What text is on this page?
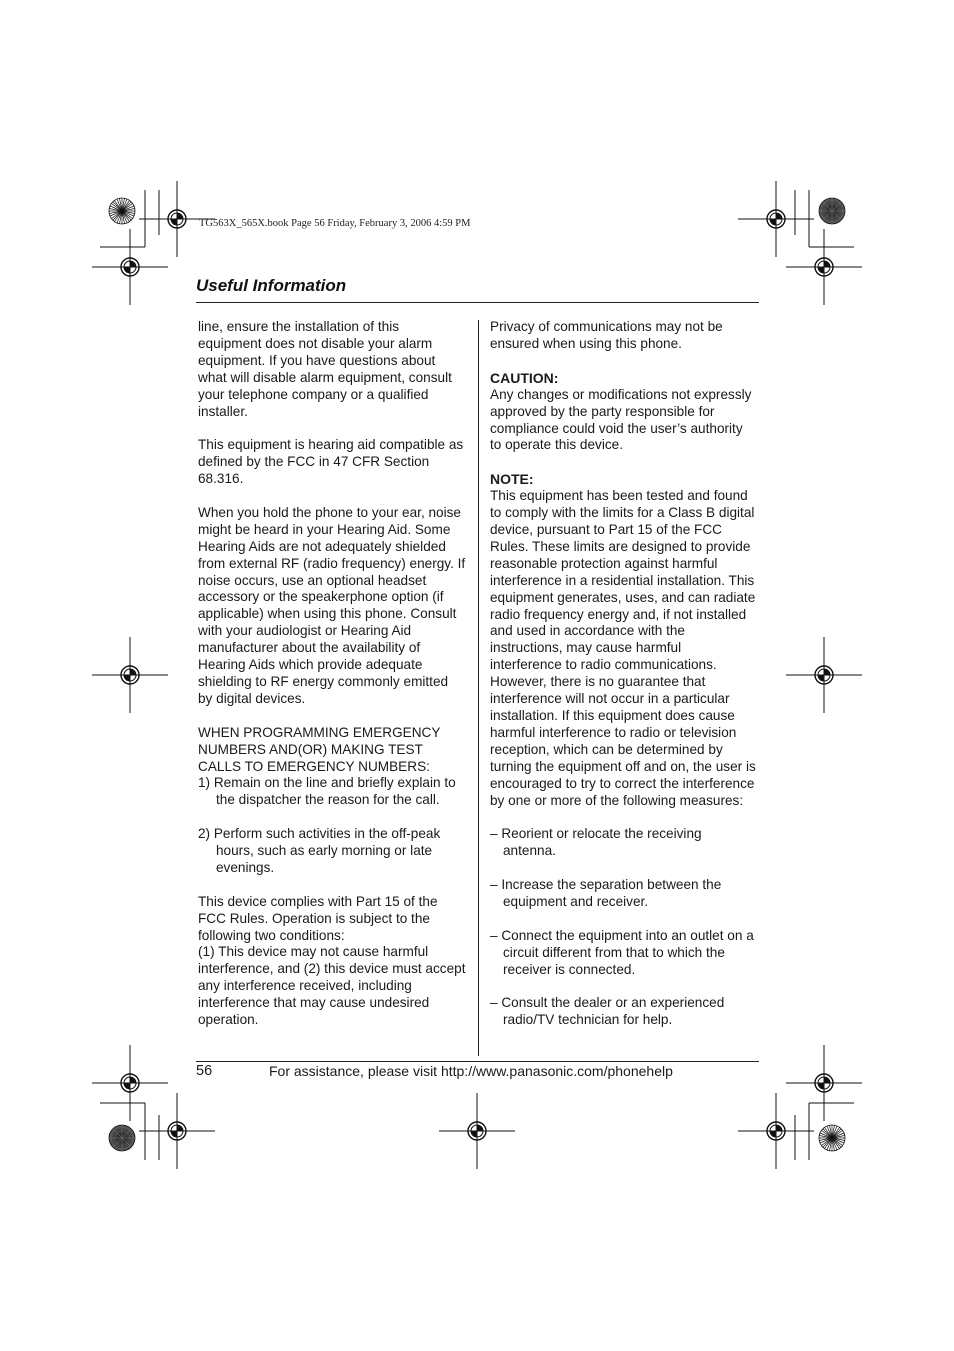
TG563X_565X.book Page 56 Friday, February 3, 2006 4:59 PM
Useful Information

line, ensure the installation of this equipment does not disable your alarm equipment. If you have questions about what will disable alarm equipment, consult your telephone company or a qualified installer.

This equipment is hearing aid compatible as defined by the FCC in 47 CFR Section 68.316.

When you hold the phone to your ear, noise might be heard in your Hearing Aid. Some Hearing Aids are not adequately shielded from external RF (radio frequency) energy. If noise occurs, use an optional headset accessory or the speakerphone option (if applicable) when using this phone. Consult with your audiologist or Hearing Aid manufacturer about the availability of Hearing Aids which provide adequate shielding to RF energy commonly emitted by digital devices.

WHEN PROGRAMMING EMERGENCY NUMBERS AND(OR) MAKING TEST CALLS TO EMERGENCY NUMBERS:

1) Remain on the line and briefly explain to the dispatcher the reason for the call.

2) Perform such activities in the off-peak hours, such as early morning or late evenings.

This device complies with Part 15 of the FCC Rules. Operation is subject to the following two conditions:

(1) This device may not cause harmful interference, and (2) this device must accept any interference received, including interference that may cause undesired operation.

Privacy of communications may not be ensured when using this phone.

CAUTION:

Any changes or modifications not expressly approved by the party responsible for compliance could void the user’s authority to operate this device.

NOTE:

This equipment has been tested and found to comply with the limits for a Class B digital device, pursuant to Part 15 of the FCC Rules. These limits are designed to provide reasonable protection against harmful interference in a residential installation. This equipment generates, uses, and can radiate radio frequency energy and, if not installed and used in accordance with the instructions, may cause harmful interference to radio communications. However, there is no guarantee that interference will not occur in a particular installation. If this equipment does cause harmful interference to radio or television reception, which can be determined by turning the equipment off and on, the user is encouraged to try to correct the interference by one or more of the following measures:

– Reorient or relocate the receiving antenna.

– Increase the separation between the equipment and receiver.

– Connect the equipment into an outlet on a circuit different from that to which the receiver is connected.

– Consult the dealer or an experienced radio/TV technician for help.

56	For assistance, please visit http://www.panasonic.com/phonehelp
